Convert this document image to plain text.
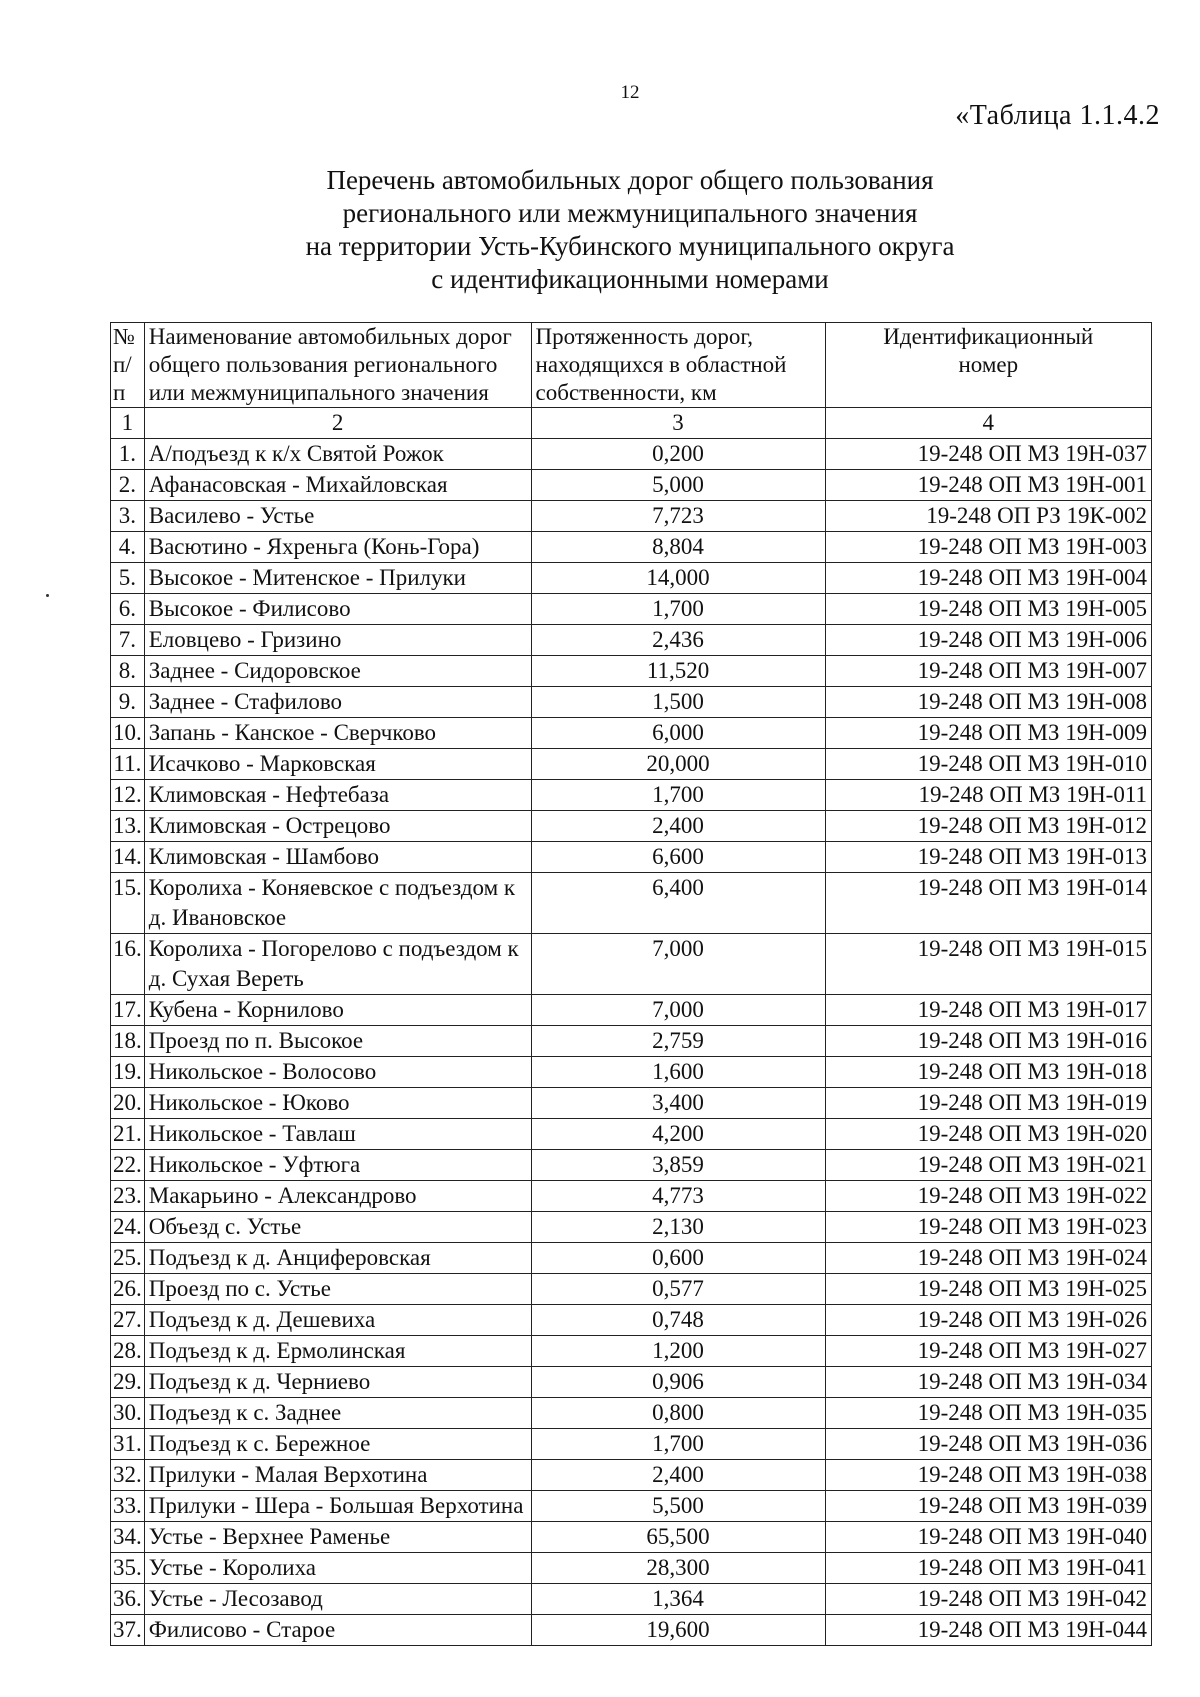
12
«Таблица 1.1.4.2
Перечень автомобильных дорог общего пользования
регионального или межмуниципального значения
на территории Усть-Кубинского муниципального округа
с идентификационными номерами
№ п/п	Наименование автомобильных дорог общего пользования регионального или межмуниципального значения	Протяженность дорог, находящихся в областной собственности, км	Идентификационный номер
1	2	3	4
1.	А/подъезд к к/х Святой Рожок	0,200	19-248 ОП МЗ 19Н-037
2.	Афанасовская - Михайловская	5,000	19-248 ОП МЗ 19Н-001
3.	Василево - Устье	7,723	19-248 ОП РЗ 19К-002
4.	Васютино - Яхреньга (Конь-Гора)	8,804	19-248 ОП МЗ 19Н-003
5.	Высокое - Митенское - Прилуки	14,000	19-248 ОП МЗ 19Н-004
6.	Высокое - Филисово	1,700	19-248 ОП МЗ 19Н-005
7.	Еловцево - Гризино	2,436	19-248 ОП МЗ 19Н-006
8.	Заднее - Сидоровское	11,520	19-248 ОП МЗ 19Н-007
9.	Заднее - Стафилово	1,500	19-248 ОП МЗ 19Н-008
10.	Запань - Канское - Сверчково	6,000	19-248 ОП МЗ 19Н-009
11.	Исачково - Марковская	20,000	19-248 ОП МЗ 19Н-010
12.	Климовская - Нефтебаза	1,700	19-248 ОП МЗ 19Н-011
13.	Климовская - Острецово	2,400	19-248 ОП МЗ 19Н-012
14.	Климовская - Шамбово	6,600	19-248 ОП МЗ 19Н-013
15.	Королиха - Коняевское с подъездом к д. Ивановское	6,400	19-248 ОП МЗ 19Н-014
16.	Королиха - Погорелово с подъездом к д. Сухая Вереть	7,000	19-248 ОП МЗ 19Н-015
17.	Кубена - Корнилово	7,000	19-248 ОП МЗ 19Н-017
18.	Проезд по п. Высокое	2,759	19-248 ОП МЗ 19Н-016
19.	Никольское - Волосово	1,600	19-248 ОП МЗ 19Н-018
20.	Никольское - Юково	3,400	19-248 ОП МЗ 19Н-019
21.	Никольское - Тавлаш	4,200	19-248 ОП МЗ 19Н-020
22.	Никольское - Уфтюга	3,859	19-248 ОП МЗ 19Н-021
23.	Макарьино - Александрово	4,773	19-248 ОП МЗ 19Н-022
24.	Объезд с. Устье	2,130	19-248 ОП МЗ 19Н-023
25.	Подъезд к д. Анциферовская	0,600	19-248 ОП МЗ 19Н-024
26.	Проезд по с. Устье	0,577	19-248 ОП МЗ 19Н-025
27.	Подъезд к д. Дешевиха	0,748	19-248 ОП МЗ 19Н-026
28.	Подъезд к д. Ермолинская	1,200	19-248 ОП МЗ 19Н-027
29.	Подъезд к д. Черниево	0,906	19-248 ОП МЗ 19Н-034
30.	Подъезд к с. Заднее	0,800	19-248 ОП МЗ 19Н-035
31.	Подъезд к с. Бережное	1,700	19-248 ОП МЗ 19Н-036
32.	Прилуки - Малая Верхотина	2,400	19-248 ОП МЗ 19Н-038
33.	Прилуки - Шера - Большая Верхотина	5,500	19-248 ОП МЗ 19Н-039
34.	Устье - Верхнее Раменье	65,500	19-248 ОП МЗ 19Н-040
35.	Устье - Королиха	28,300	19-248 ОП МЗ 19Н-041
36.	Устье - Лесозавод	1,364	19-248 ОП МЗ 19Н-042
37.	Филисово - Старое	19,600	19-248 ОП МЗ 19Н-044
